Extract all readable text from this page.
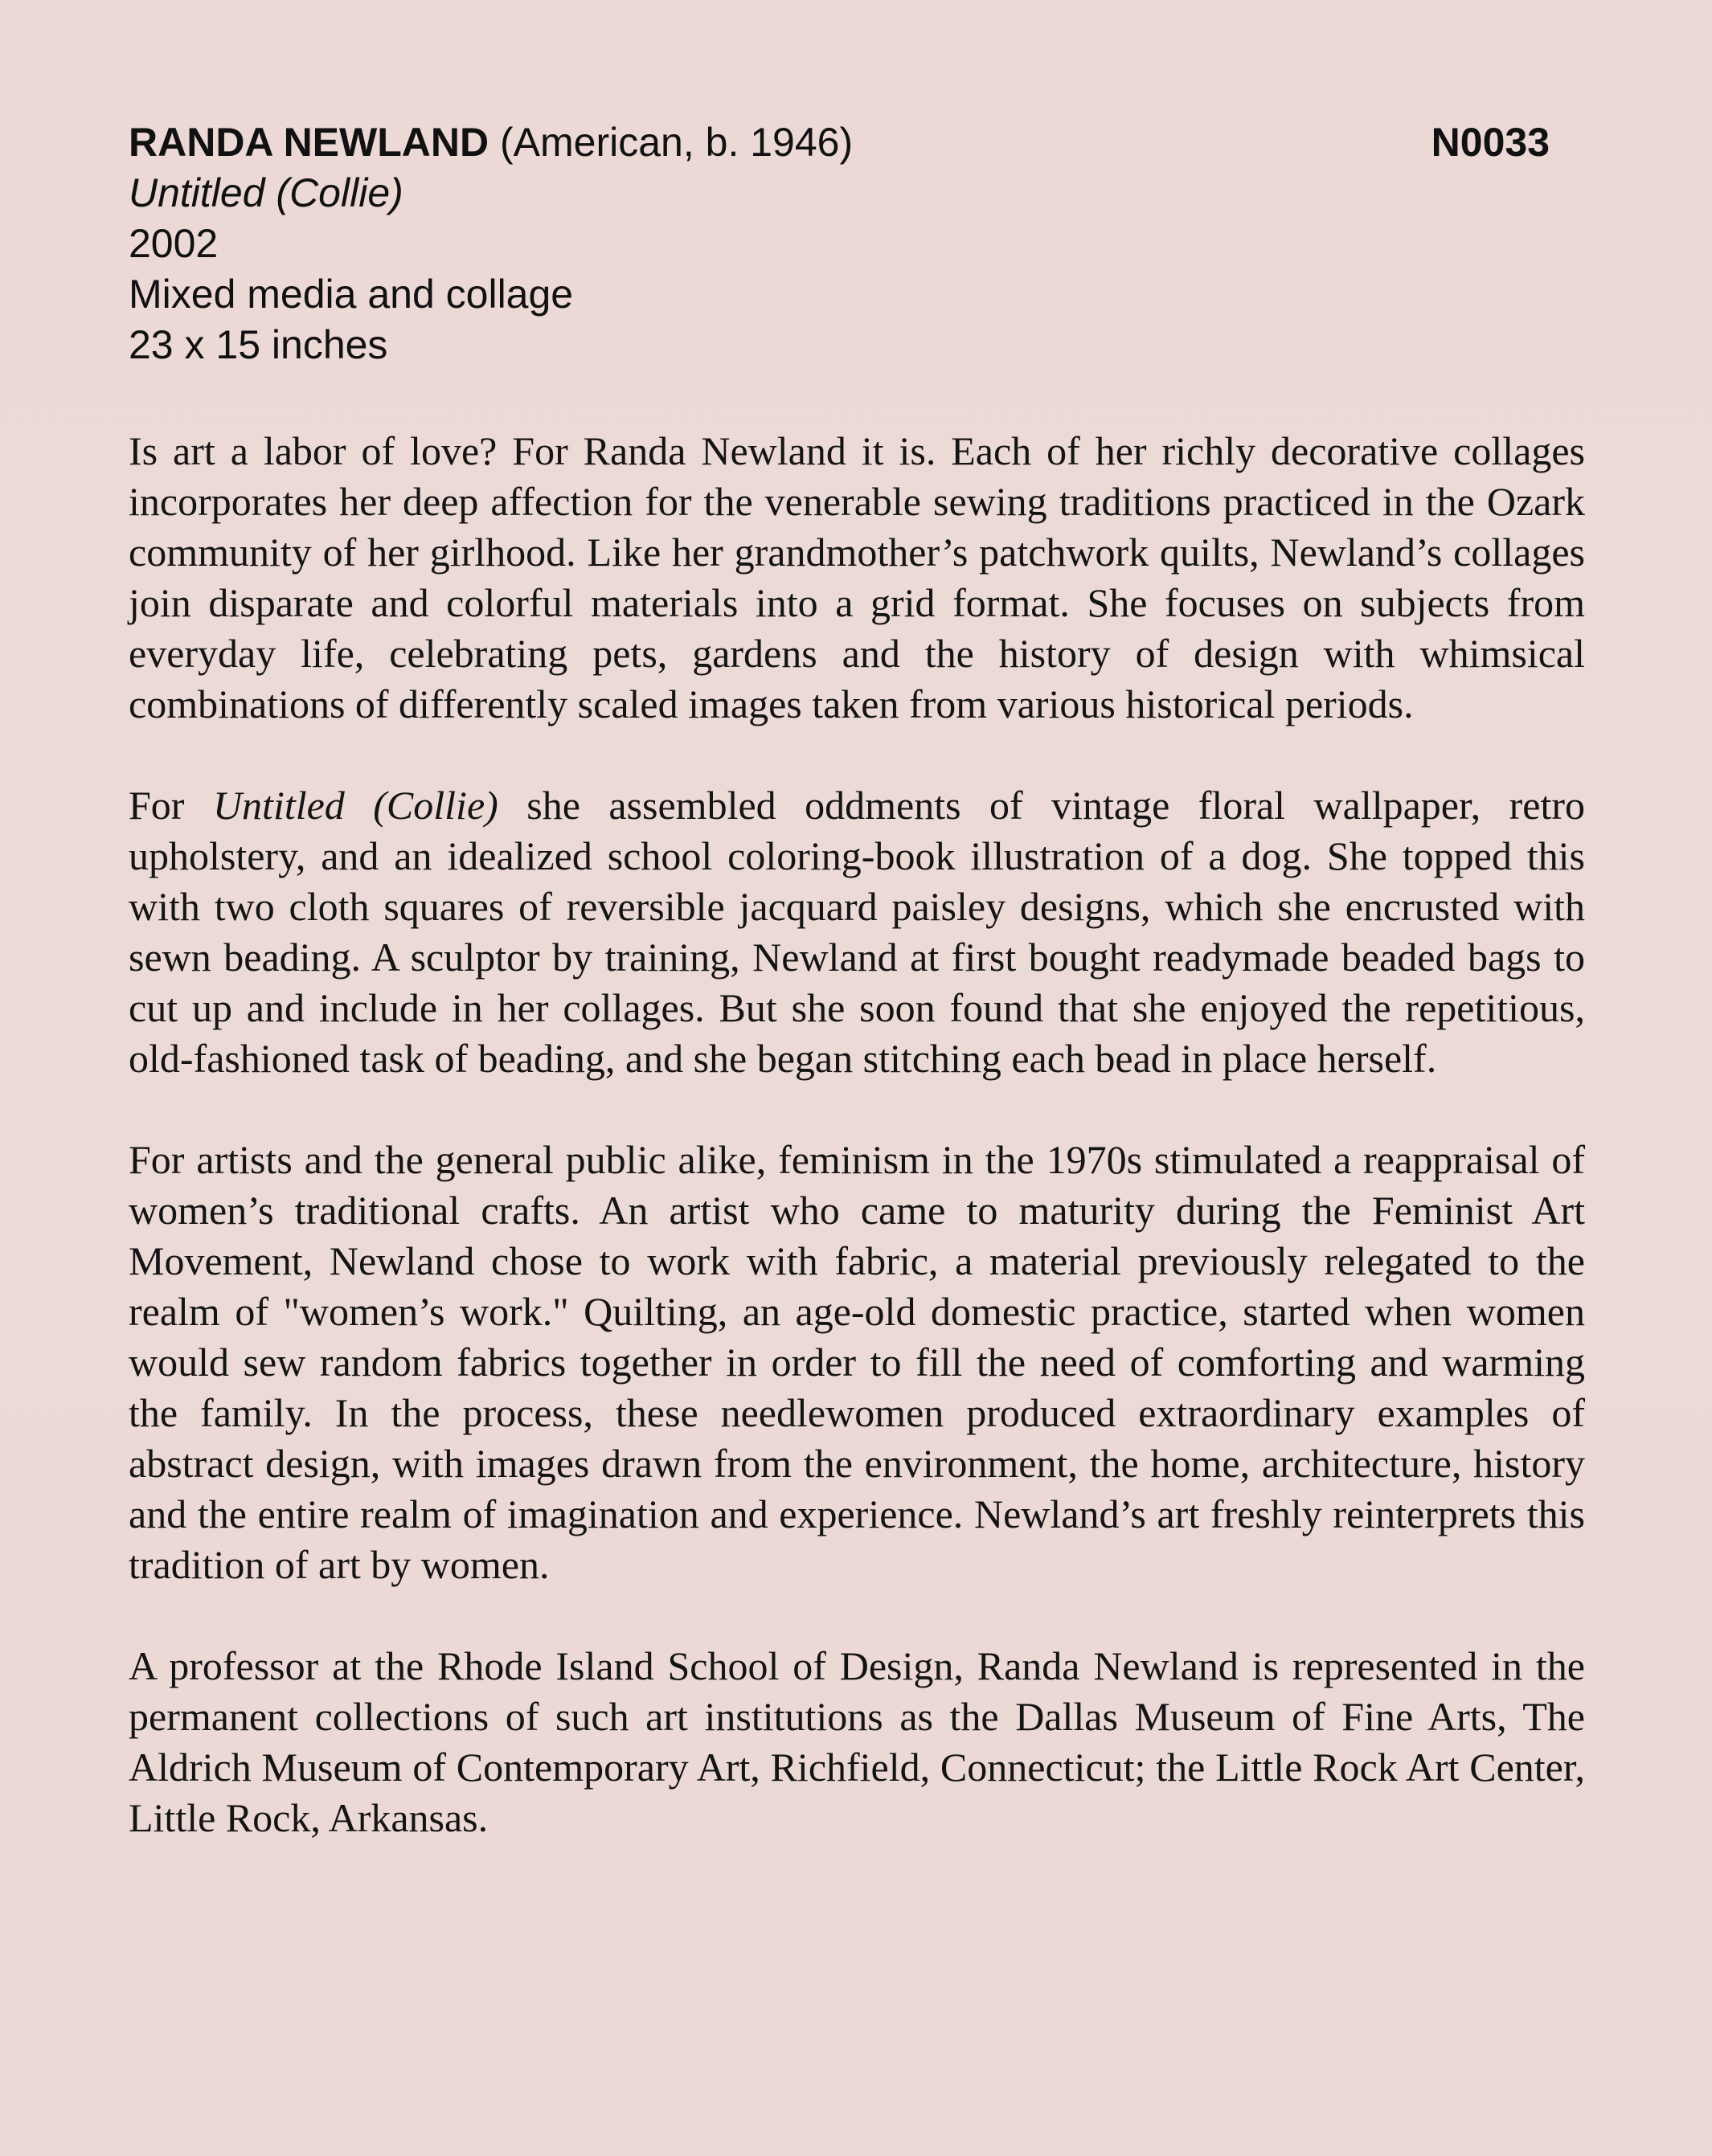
RANDA NEWLAND (American, b. 1946)	N0033
Untitled (Collie)
2002
Mixed media and collage
23 x 15 inches

Is art a labor of love? For Randa Newland it is. Each of her richly decorative collages incorporates her deep affection for the venerable sewing traditions practiced in the Ozark community of her girlhood. Like her grandmother’s patchwork quilts, Newland’s collages join disparate and colorful materials into a grid format. She focuses on subjects from everyday life, celebrating pets, gardens and the history of design with whimsical combinations of differently scaled images taken from various historical periods.

For Untitled (Collie) she assembled oddments of vintage floral wallpaper, retro upholstery, and an idealized school coloring-book illustration of a dog. She topped this with two cloth squares of reversible jacquard paisley designs, which she encrusted with sewn beading. A sculptor by training, Newland at first bought readymade beaded bags to cut up and include in her collages. But she soon found that she enjoyed the repetitious, old-fashioned task of beading, and she began stitching each bead in place herself.

For artists and the general public alike, feminism in the 1970s stimulated a reappraisal of women’s traditional crafts. An artist who came to maturity during the Feminist Art Movement, Newland chose to work with fabric, a material previously relegated to the realm of "women’s work." Quilting, an age-old domestic practice, started when women would sew random fabrics together in order to fill the need of comforting and warming the family. In the process, these needlewomen produced extraordinary examples of abstract design, with images drawn from the environment, the home, architecture, history and the entire realm of imagination and experience. Newland’s art freshly reinterprets this tradition of art by women.

A professor at the Rhode Island School of Design, Randa Newland is represented in the permanent collections of such art institutions as the Dallas Museum of Fine Arts, The Aldrich Museum of Contemporary Art, Richfield, Connecticut; the Little Rock Art Center, Little Rock, Arkansas.
